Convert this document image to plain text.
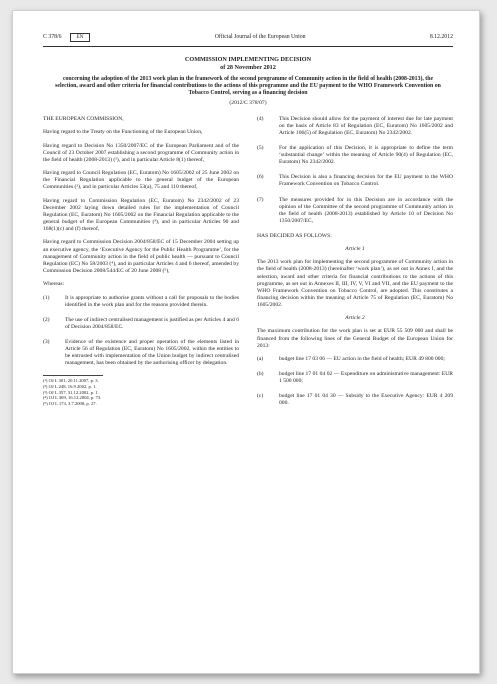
C 378/6	EN	Official Journal of the European Union	8.12.2012
COMMISSION IMPLEMENTING DECISION
of 28 November 2012
concerning the adoption of the 2013 work plan in the framework of the second programme of Community action in the field of health (2008-2013), the selection, award and other criteria for financial contributions to the actions of this programme and the EU payment to the WHO Framework Convention on Tobacco Control, serving as a financing decision
(2012/C 378/07)
THE EUROPEAN COMMISSION,
Having regard to the Treaty on the Functioning of the European Union,
Having regard to Decision No 1350/2007/EC of the European Parliament and of the Council of 23 October 2007 establishing a second programme of Community action in the field of health (2008-2013) (¹), and in particular Article 8(1) thereof,
Having regard to Council Regulation (EC, Euratom) No 1605/2002 of 25 June 2002 on the Financial Regulation applicable to the general budget of the European Communities (²), and in particular Articles 53(a), 75 and 110 thereof,
Having regard to Commission Regulation (EC, Euratom) No 2342/2002 of 23 December 2002 laying down detailed rules for the implementation of Council Regulation (EC, Euratom) No 1605/2002 on the Financial Regulation applicable to the general budget of the European Communities (³), and in particular Articles 90 and 168(1)(c) and (f) thereof,
Having regard to Commission Decision 2004/858/EC of 15 December 2004 setting up an executive agency, the ‘Executive Agency for the Public Health Programme’, for the management of Community action in the field of public health — pursuant to Council Regulation (EC) No 58/2003 (⁴), and in particular Articles 4 and 6 thereof, amended by Commission Decision 2008/544/EC of 20 June 2008 (⁵),
Whereas:
(1)	It is appropriate to authorise grants without a call for proposals to the bodies identified in the work plan and for the reasons provided therein.
(2)	The use of indirect centralised management is justified as per Articles 4 and 6 of Decision 2004/858/EC.
(3)	Evidence of the existence and proper operation of the elements listed in Article 56 of Regulation (EC, Euratom) No 1605/2002, within the entities to be entrusted with implementation of the Union budget by indirect centralised management, has been obtained by the authorising officer by delegation.
(¹) OJ L 301, 20.11.2007, p. 3.
(²) OJ L 248, 16.9.2002, p. 1.
(³) OJ L 357, 31.12.2002, p. 1.
(⁴) OJ L 369, 16.12.2004, p. 73.
(⁵) OJ L 173, 3.7.2008, p. 27.
(4)	This Decision should allow for the payment of interest due for late payment on the basis of Article 83 of Regulation (EC, Euratom) No 1605/2002 and Article 106(5) of Regulation (EC, Euratom) No 2342/2002.
(5)	For the application of this Decision, it is appropriate to define the term ‘substantial change’ within the meaning of Article 90(4) of Regulation (EC, Euratom) No 2342/2002.
(6)	This Decision is also a financing decision for the EU payment to the WHO Framework Convention on Tobacco Control.
(7)	The measures provided for in this Decision are in accordance with the opinion of the Committee of the second programme of Community action in the field of health (2008-2013) established by Article 10 of Decision No 1350/2007/EC,
HAS DECIDED AS FOLLOWS:
Article 1
The 2013 work plan for implementing the second programme of Community action in the field of health (2008-2013) (hereinafter ‘work plan’), as set out in Annex I, and the selection, award and other criteria for financial contributions to the actions of this programme, as set out in Annexes II, III, IV, V, VI and VII, and the EU payment to the WHO Framework Convention on Tobacco Control, are adopted. This constitutes a financing decision within the meaning of Article 75 of Regulation (EC, Euratom) No 1605/2002.
Article 2
The maximum contribution for the work plan is set at EUR 55 509 000 and shall be financed from the following lines of the General Budget of the European Union for 2013:
(a)	budget line 17 03 06 — EU action in the field of health; EUR 49 800 000;
(b)	budget line 17 01 04 02 — Expenditure on administrative management: EUR 1 500 000;
(c)	budget line 17 01 04 30 — Subsidy to the Executive Agency: EUR 4 209 000.
